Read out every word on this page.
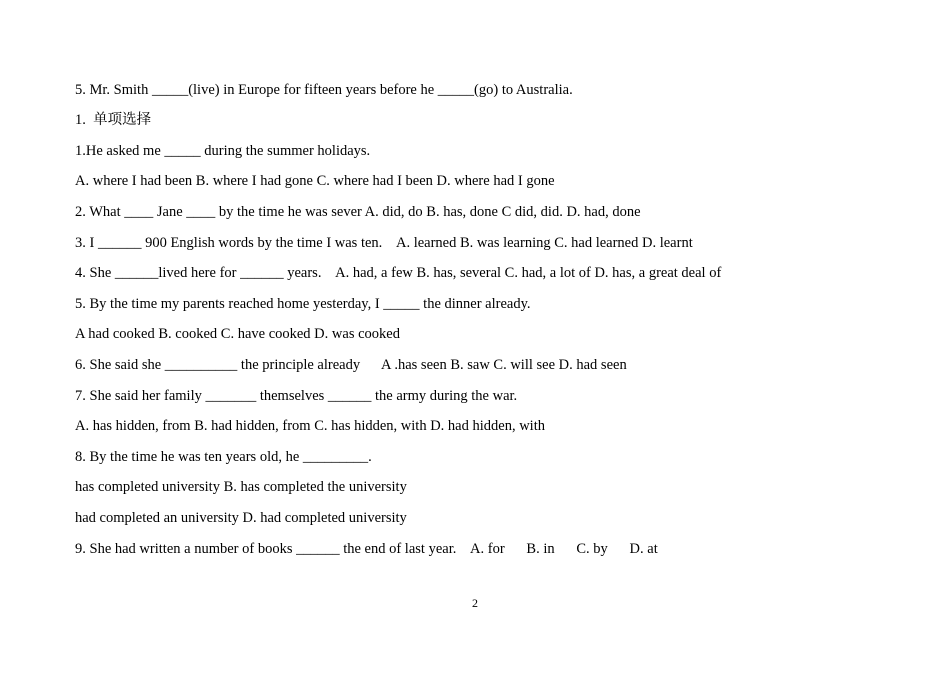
5. Mr. Smith _____(live) in Europe for fifteen years before he _____(go) to Australia.
1.  单项选择
1.He asked me _____ during the summer holidays.
A. where I had been B. where I had gone C. where had I been D. where had I gone
2. What ____ Jane ____ by the time he was sever A. did, do B. has, done C did, did. D. had, done
3. I ______ 900 English words by the time I was ten.    A. learned B. was learning C. had learned D. learnt
4. She ______lived here for ______ years.    A. had, a few B. has, several C. had, a lot of D. has, a great deal of
5. By the time my parents reached home yesterday, I _____ the dinner already.
A had cooked B. cooked C. have cooked D. was cooked
6. She said she __________ the principle already      A .has seen B. saw C. will see D. had seen
7. She said her family _______ themselves ______ the army during the war.
A. has hidden, from B. had hidden, from C. has hidden, with D. had hidden, with
8. By the time he was ten years old, he _________.
has completed university B. has completed the university
had completed an university D. had completed university
9. She had written a number of books ______ the end of last year.    A. for      B. in      C. by      D. at
2
